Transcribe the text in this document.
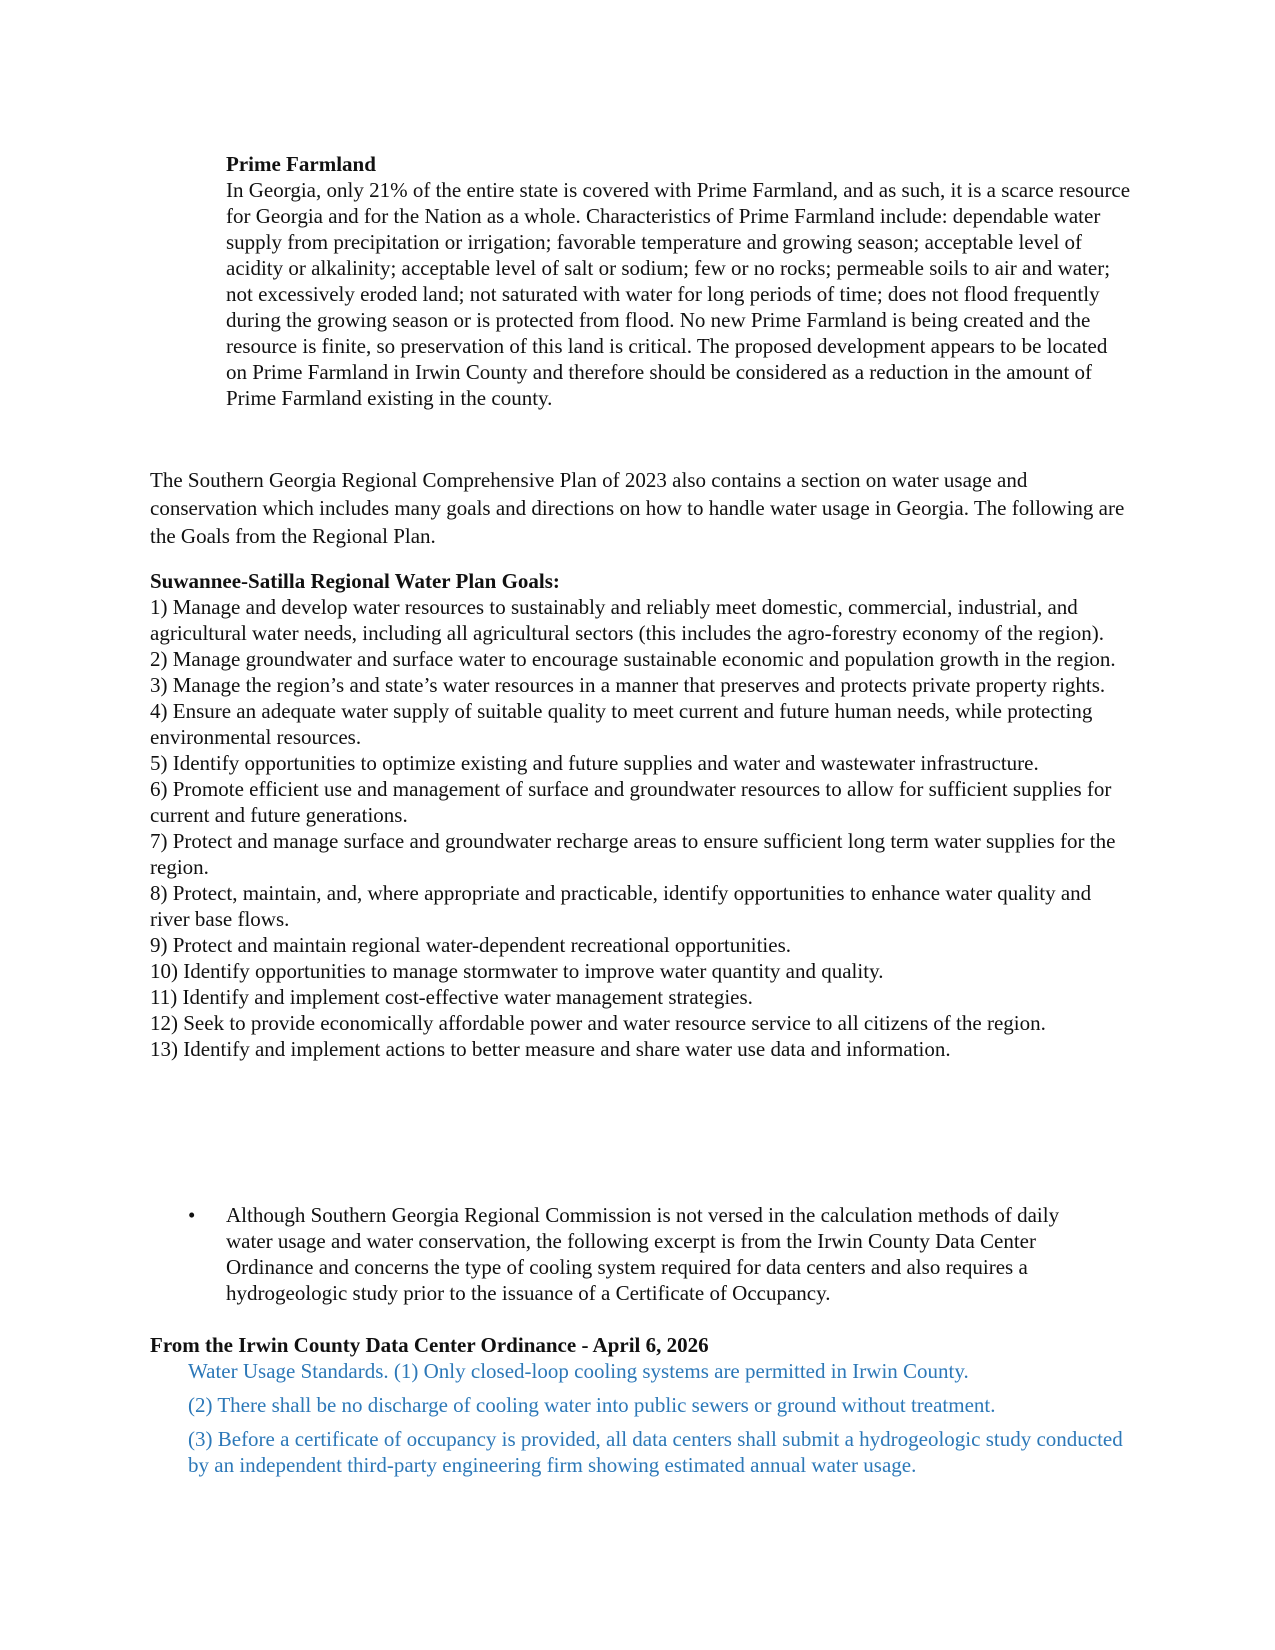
Prime Farmland

In Georgia, only 21% of the entire state is covered with Prime Farmland, and as such, it is a scarce resource for Georgia and for the Nation as a whole. Characteristics of Prime Farmland include: dependable water supply from precipitation or irrigation; favorable temperature and growing season; acceptable level of acidity or alkalinity; acceptable level of salt or sodium; few or no rocks; permeable soils to air and water; not excessively eroded land; not saturated with water for long periods of time; does not flood frequently during the growing season or is protected from flood. No new Prime Farmland is being created and the resource is finite, so preservation of this land is critical. The proposed development appears to be located on Prime Farmland in Irwin County and therefore should be considered as a reduction in the amount of Prime Farmland existing in the county.

The Southern Georgia Regional Comprehensive Plan of 2023 also contains a section on water usage and conservation which includes many goals and directions on how to handle water usage in Georgia. The following are the Goals from the Regional Plan.

Suwannee-Satilla Regional Water Plan Goals:

1) Manage and develop water resources to sustainably and reliably meet domestic, commercial, industrial, and agricultural water needs, including all agricultural sectors (this includes the agro-forestry economy of the region).

2) Manage groundwater and surface water to encourage sustainable economic and population growth in the region.

3) Manage the region’s and state’s water resources in a manner that preserves and protects private property rights.

4) Ensure an adequate water supply of suitable quality to meet current and future human needs, while protecting environmental resources.

5) Identify opportunities to optimize existing and future supplies and water and wastewater infrastructure.

6) Promote efficient use and management of surface and groundwater resources to allow for sufficient supplies for current and future generations.

7) Protect and manage surface and groundwater recharge areas to ensure sufficient long term water supplies for the region.

8) Protect, maintain, and, where appropriate and practicable, identify opportunities to enhance water quality and river base flows.

9) Protect and maintain regional water-dependent recreational opportunities.

10) Identify opportunities to manage stormwater to improve water quantity and quality.

11) Identify and implement cost-effective water management strategies.

12) Seek to provide economically affordable power and water resource service to all citizens of the region.

13) Identify and implement actions to better measure and share water use data and information.

•	Although Southern Georgia Regional Commission is not versed in the calculation methods of daily water usage and water conservation, the following excerpt is from the Irwin County Data Center Ordinance and concerns the type of cooling system required for data centers and also requires a hydrogeologic study prior to the issuance of a Certificate of Occupancy.

From the Irwin County Data Center Ordinance - April 6, 2026

Water Usage Standards. (1) Only closed-loop cooling systems are permitted in Irwin County.

(2) There shall be no discharge of cooling water into public sewers or ground without treatment.

(3) Before a certificate of occupancy is provided, all data centers shall submit a hydrogeologic study conducted by an independent third-party engineering firm showing estimated annual water usage.
